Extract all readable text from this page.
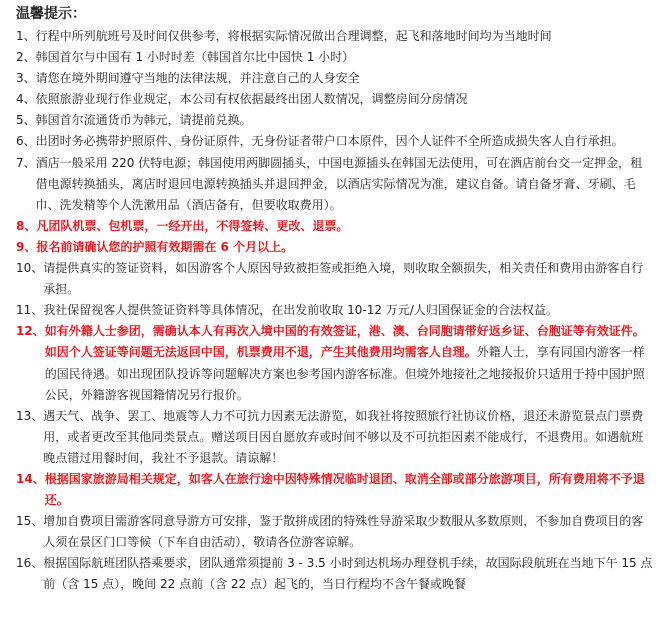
温馨提示：
1、 行程中所列航班号及时间仅供参考，将根据实际情况做出合理调整，起飞和落地时间均为当地时间
2、 韩国首尔与中国有 1 小时时差（韩国首尔比中国快 1 小时）
3、 请您在境外期间遵守当地的法律法规，并注意自己的人身安全
4、 依照旅游业现行作业规定，本公司有权依据最终出团人数情况，调整房间分房情况
5、 韩国首尔流通货币为韩元，请提前兑换。
6、 出团时务必携带护照原件、身份证原件，无身份证者带户口本原件，因个人证件不全所造成损失客人自行承担。
7、 酒店一般采用 220 伏特电源；韩国使用两脚圆插头，中国电源插头在韩国无法使用，可在酒店前台交一定押金，租借电源转换插头，离店时退回电源转换插头并退回押金，以酒店实际情况为准，建议自备。请自备牙膏、牙刷、毛巾、洗发精等个人洗漱用品（酒店备有，但要收取费用）。
8、 凡团队机票、包机票，一经开出，不得签转、更改、退票。
9、 报名前请确认您的护照有效期需在 6 个月以上。
10、 请提供真实的签证资料，如因游客个人原因导致被拒签或拒绝入境，则收取全额损失，相关责任和费用由游客自行承担。
11、 我社保留视客人提供签证资料等具体情况，在出发前收取 10-12 万元/人归国保证金的合法权益。
12、 如有外籍人士参团，需确认本人有再次入境中国的有效签证，港、澳、台同胞请带好返乡证、台胞证等有效证件。如因个人签证等问题无法返回中国，机票费用不退，产生其他费用均需客人自理。外籍人士，享有同国内游客一样的国民待遇。如出现团队投诉等问题解决方案也参考国内游客标准。但境外地接社之地接报价只适用于持中国护照公民，外籍游客视国籍情况另行报价。
13、 遇天气、战争、罢工、地震等人力不可抗力因素无法游览，如我社将按照旅行社协议价格，退还未游览景点门票费用，或者更改至其他同类景点。赠送项目因自愿放弃或时间不够以及不可抗拒因素不能成行，不退费用。如遇航班晚点错过用餐时间，我社不予退款。请谅解！
14、 根据国家旅游局相关规定，如客人在旅行途中因特殊情况临时退团、取消全部或部分旅游项目，所有费用将不予退还。
15、 增加自费项目需游客同意导游方可安排，鉴于散拼成团的特殊性导游采取少数服从多数原则，不参加自费项目的客人须在景区门口等候（下车自由活动），敬请各位游客谅解。
16、 根据国际航班团队搭乘要求，团队通常须提前 3 - 3.5 小时到达机场办理登机手续，故国际段航班在当地下午 15 点前（含 15 点），晚间 22 点前（含 22 点）起飞的，当日行程均不含午餐或晚餐
